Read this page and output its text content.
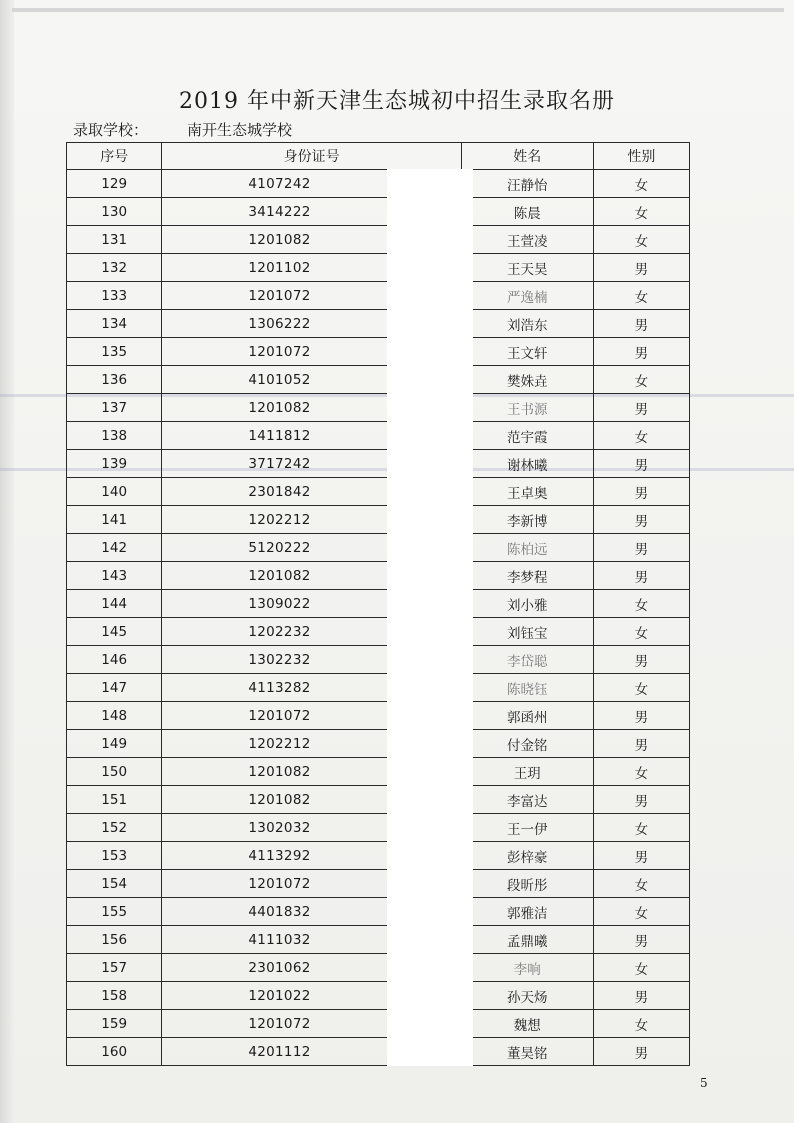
2019 年中新天津生态城初中招生录取名册
录取学校：	南开生态城学校
序号	身份证号	姓名	性别
129	4107242	汪静怡	女
130	3414222	陈晨	女
131	1201082	王萱凌	女
132	1201102	王天昊	男
133	1201072	严逸楠	女
134	1306222	刘浩东	男
135	1201072	王文轩	男
136	4101052	樊姝垚	女
137	1201082	王书源	男
138	1411812	范宇霞	女
139	3717242	谢林曦	男
140	2301842	王卓奥	男
141	1202212	李新博	男
142	5120222	陈柏远	男
143	1201082	李梦程	男
144	1309022	刘小雅	女
145	1202232	刘钰宝	女
146	1302232	李岱聪	男
147	4113282	陈晓钰	女
148	1201072	郭函州	男
149	1202212	付金铭	男
150	1201082	王玥	女
151	1201082	李富达	男
152	1302032	王一伊	女
153	4113292	彭梓豪	男
154	1201072	段昕彤	女
155	4401832	郭雅洁	女
156	4111032	孟鼎曦	男
157	2301062	李响	女
158	1201022	孙天炀	男
159	1201072	魏想	女
160	4201112	董昊铭	男
5
